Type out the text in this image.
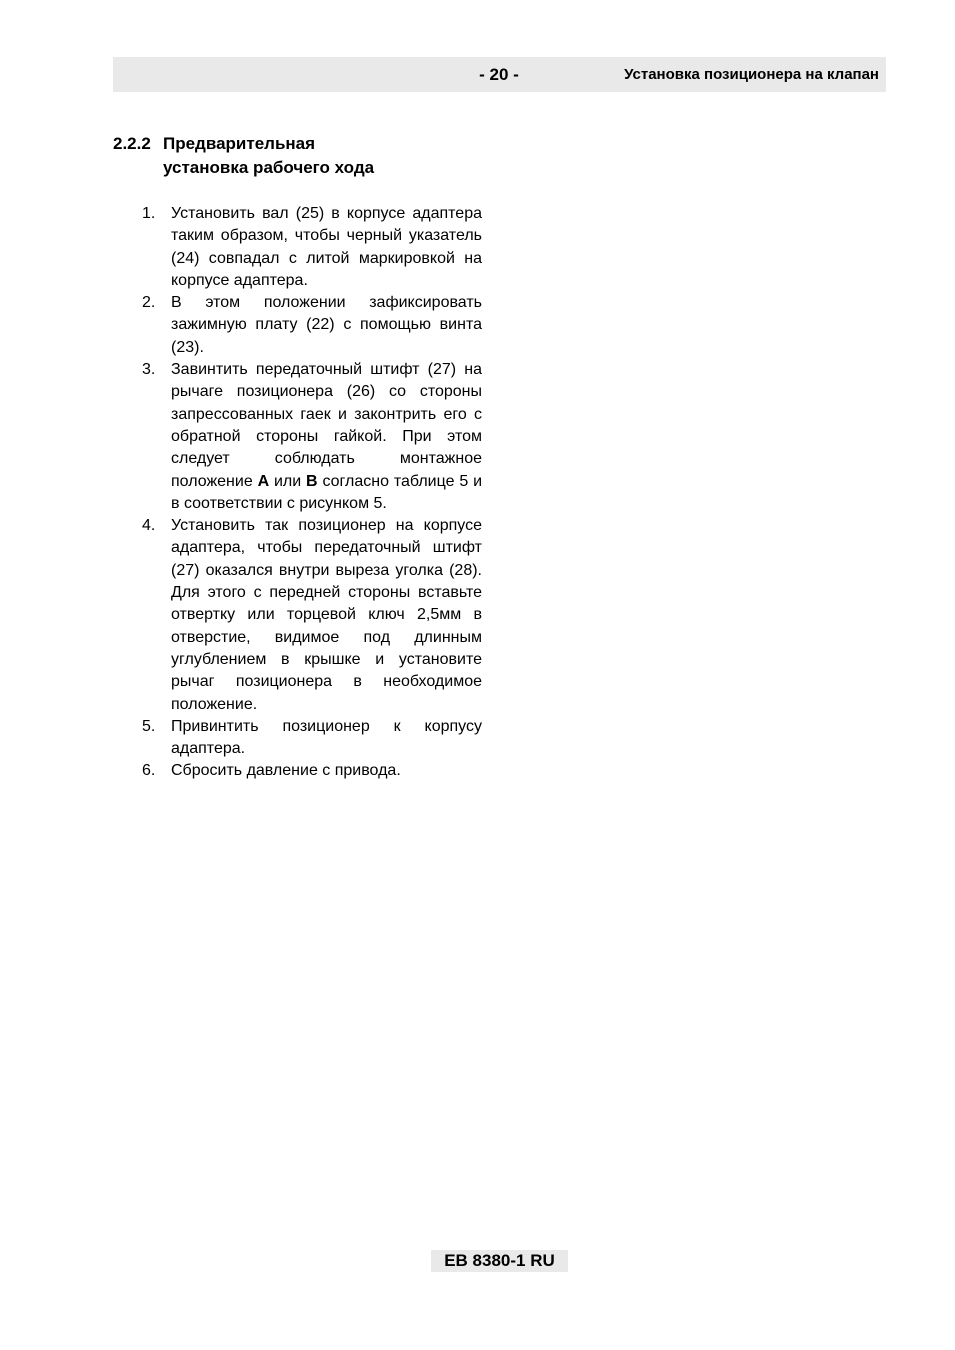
- 20 -	Установка позиционера на клапан
2.2.2 Предварительная
установка рабочего хода
1. Установить вал (25) в корпусе адаптера таким образом, чтобы черный указатель (24) совпадал с литой маркировкой на корпусе адаптера.
2. В этом положении зафиксировать зажимную плату (22) с помощью винта (23).
3. Завинтить передаточный штифт (27) на рычаге позиционера (26) со стороны запрессованных гаек и законтрить его с обратной стороны гайкой. При этом следует соблюдать монтажное положение А или В согласно таблице 5 и в соответствии с рисунком 5.
4. Установить так позиционер на корпусе адаптера, чтобы передаточный штифт (27) оказался внутри выреза уголка (28). Для этого с передней стороны вставьте отвертку или торцевой ключ 2,5мм в отверстие, видимое под длинным углублением в крышке и установите рычаг позиционера в необходимое положение.
5. Привинтить позиционер к корпусу адаптера.
6. Сбросить давление с привода.
EB 8380-1 RU
